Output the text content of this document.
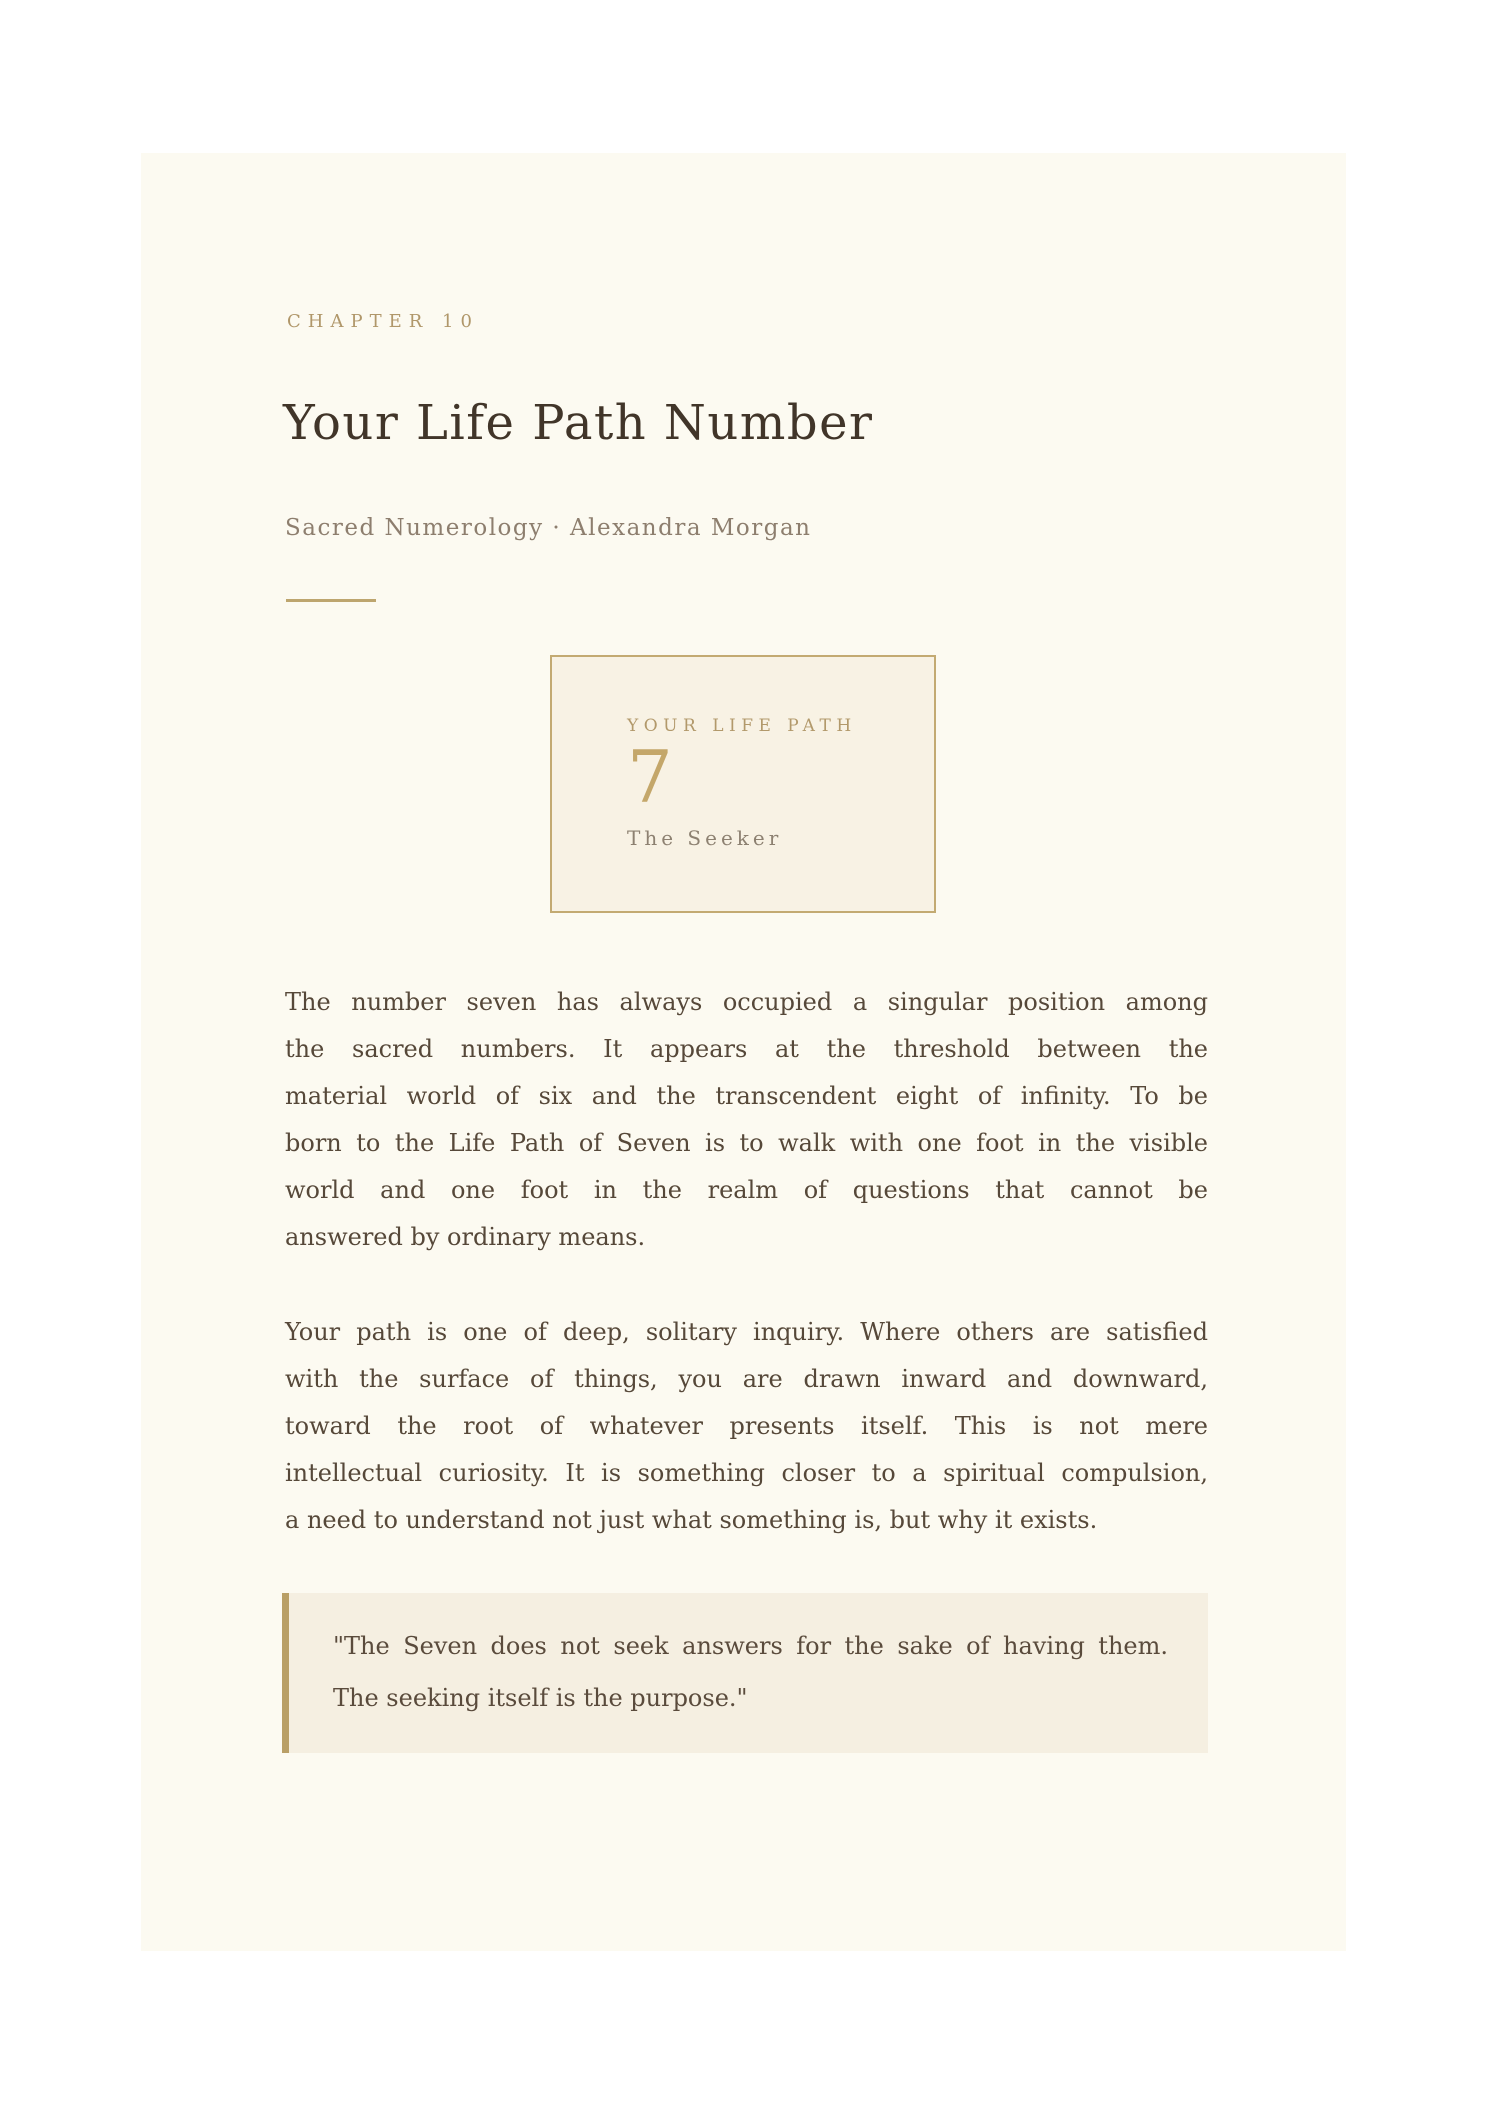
CHAPTER 10
Your Life Path Number
Sacred Numerology · Alexandra Morgan
YOUR LIFE PATH
7
The Seeker
The number seven has always occupied a singular position among
the sacred numbers. It appears at the threshold between the
material world of six and the transcendent eight of infinity. To be
born to the Life Path of Seven is to walk with one foot in the visible
world and one foot in the realm of questions that cannot be
answered by ordinary means.
Your path is one of deep, solitary inquiry. Where others are satisfied
with the surface of things, you are drawn inward and downward,
toward the root of whatever presents itself. This is not mere
intellectual curiosity. It is something closer to a spiritual compulsion,
a need to understand not just what something is, but why it exists.
"The Seven does not seek answers for the sake of having them.
The seeking itself is the purpose."
